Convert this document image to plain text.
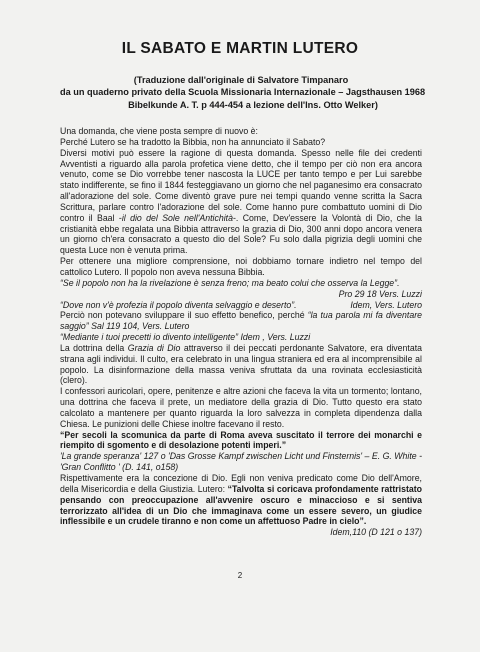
IL SABATO E MARTIN LUTERO
(Traduzione dall'originale di Salvatore Timpanaro
da un quaderno privato della Scuola Missionaria Internazionale – Jagsthausen 1968
Bibelkunde A. T. p 444-454 a lezione dell'Ins. Otto Welker)

Una domanda, che viene posta sempre di nuovo è:

Perché Lutero se ha tradotto la Bibbia, non ha annunciato il Sabato?

Diversi motivi può essere la ragione di questa domanda. Spesso nelle file dei credenti Avventisti a riguardo alla parola profetica viene detto, che il tempo per ciò non era ancora venuto, come se Dio vorrebbe tener nascosta la LUCE per tanto tempo e per Lui sarebbe stato indifferente, se fino il 1844 festeggiavano un giorno che nel paganesimo era consacrato all'adorazione del sole. Come diventò grave pure nei tempi quando venne scritta la Sacra Scrittura, parlare contro l'adorazione del sole. Come hanno pure combattuto uomini di Dio contro il Baal -il dio del Sole nell'Antichità-. Come, Dev'essere la Volontà di Dio, che la cristianità ebbe regalata una Bibbia attraverso la grazia di Dio, 300 anni dopo ancora venera un giorno ch'era consacrato a questo dio del Sole? Fu solo dalla pigrizia degli uomini che questa Luce non è venuta prima.

Per ottenere una migliore comprensione, noi dobbiamo tornare indietro nel tempo del cattolico Lutero. Il popolo non aveva nessuna Bibbia.

“Se il popolo non ha la rivelazione è senza freno; ma beato colui che osserva la Legge”.

Pro 29 18 Vers. Luzzi

“Dove non v'è profezia il popolo diventa selvaggio e deserto”.	Idem, Vers. Lutero

Perciò non potevano sviluppare il suo effetto benefico, perché “la tua parola mi fa diventare saggio” Sal 119 104, Vers. Lutero

“Mediante i tuoi precetti io divento intelligente” Idem , Vers. Luzzi

La dottrina della Grazia di Dio attraverso il dei peccati perdonante Salvatore, era diventata strana agli individui. Il culto, era celebrato in una lingua straniera ed era al incomprensibile al popolo. La disinformazione della massa veniva sfruttata da una rovinata ecclesiasticità (clero).

I confessori auricolari, opere, penitenze e altre azioni che faceva la vita un tormento; lontano, una dottrina che faceva il prete, un mediatore della grazia di Dio. Tutto questo era stato calcolato a mantenere per quanto riguarda la loro salvezza in completa dipendenza dalla Chiesa. Le punizioni delle Chiese inoltre facevano il resto.

“Per secoli la scomunica da parte di Roma aveva suscitato il terrore dei monarchi e riempito di sgomento e di desolazione potenti imperi.”

'La grande speranza' 127 o 'Das Grosse Kampf zwischen Licht und Finsternis' – E. G. White - 'Gran Conflitto ' (D. 141, o158)

Rispettivamente era la concezione di Dio. Egli non veniva predicato come Dio dell'Amore, della Misericordia e della Giustizia. Lutero: “Talvolta si coricava profondamente rattristato pensando con preoccupazione all'avvenire oscuro e minaccioso e si sentiva terrorizzato all'idea di un Dio che immaginava come un essere severo, un giudice inflessibile e un crudele tiranno e non come un affettuoso Padre in cielo”.

Idem,110 (D 121 o 137)

2
